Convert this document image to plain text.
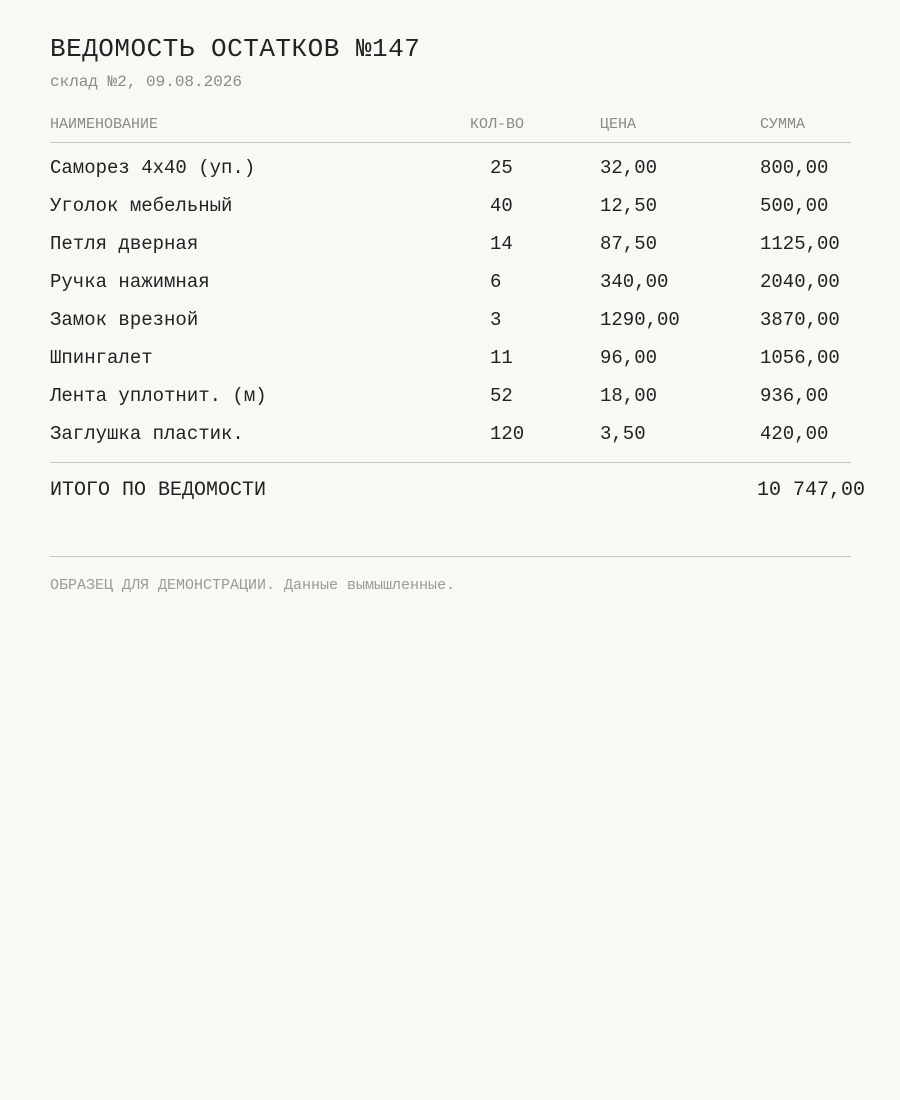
ВЕДОМОСТЬ ОСТАТКОВ №147
склад №2, 09.08.2026
НАИМЕНОВАНИЕ	КОЛ-ВО	ЦЕНА	СУММА
Саморез 4х40 (уп.)	25	32,00	800,00
Уголок мебельный	40	12,50	500,00
Петля дверная	14	87,50	1125,00
Ручка нажимная	6	340,00	2040,00
Замок врезной	3	1290,00	3870,00
Шпингалет	11	96,00	1056,00
Лента уплотнит. (м)	52	18,00	936,00
Заглушка пластик.	120	3,50	420,00
ИТОГО ПО ВЕДОМОСТИ	10 747,00
ОБРАЗЕЦ ДЛЯ ДЕМОНСТРАЦИИ. Данные вымышленные.
